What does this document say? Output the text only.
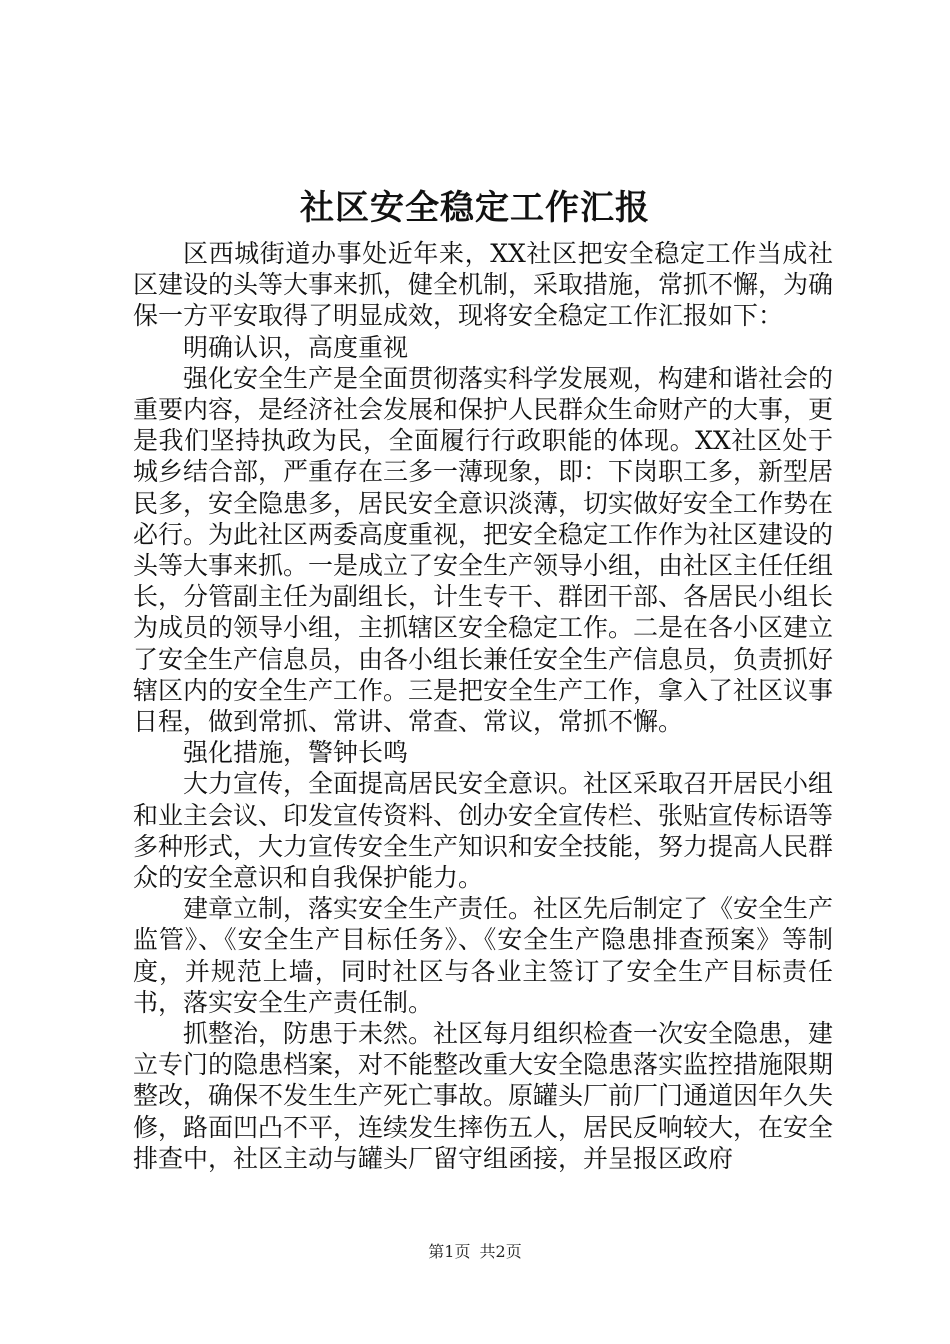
社区安全稳定工作汇报

区西城街道办事处近年来，XX社区把安全稳定工作当成社区建设的头等大事来抓，健全机制，采取措施，常抓不懈，为确保一方平安取得了明显成效，现将安全稳定工作汇报如下：

明确认识，高度重视

强化安全生产是全面贯彻落实科学发展观，构建和谐社会的重要内容，是经济社会发展和保护人民群众生命财产的大事，更是我们坚持执政为民，全面履行行政职能的体现。XX社区处于城乡结合部，严重存在三多一薄现象，即：下岗职工多，新型居民多，安全隐患多，居民安全意识淡薄，切实做好安全工作势在必行。为此社区两委高度重视，把安全稳定工作作为社区建设的头等大事来抓。一是成立了安全生产领导小组，由社区主任任组长，分管副主任为副组长，计生专干、群团干部、各居民小组长为成员的领导小组，主抓辖区安全稳定工作。二是在各小区建立了安全生产信息员，由各小组长兼任安全生产信息员，负责抓好辖区内的安全生产工作。三是把安全生产工作，拿入了社区议事日程，做到常抓、常讲、常查、常议，常抓不懈。

强化措施，警钟长鸣

大力宣传，全面提高居民安全意识。社区采取召开居民小组和业主会议、印发宣传资料、创办安全宣传栏、张贴宣传标语等多种形式，大力宣传安全生产知识和安全技能，努力提高人民群众的安全意识和自我保护能力。

建章立制，落实安全生产责任。社区先后制定了《安全生产监管》、《安全生产目标任务》、《安全生产隐患排查预案》等制度，并规范上墙，同时社区与各业主签订了安全生产目标责任书，落实安全生产责任制。

抓整治，防患于未然。社区每月组织检查一次安全隐患，建立专门的隐患档案，对不能整改重大安全隐患落实监控措施限期整改，确保不发生生产死亡事故。原罐头厂前厂门通道因年久失修，路面凹凸不平，连续发生摔伤五人，居民反响较大，在安全排查中，社区主动与罐头厂留守组函接，并呈报区政府

第1页 共2页
